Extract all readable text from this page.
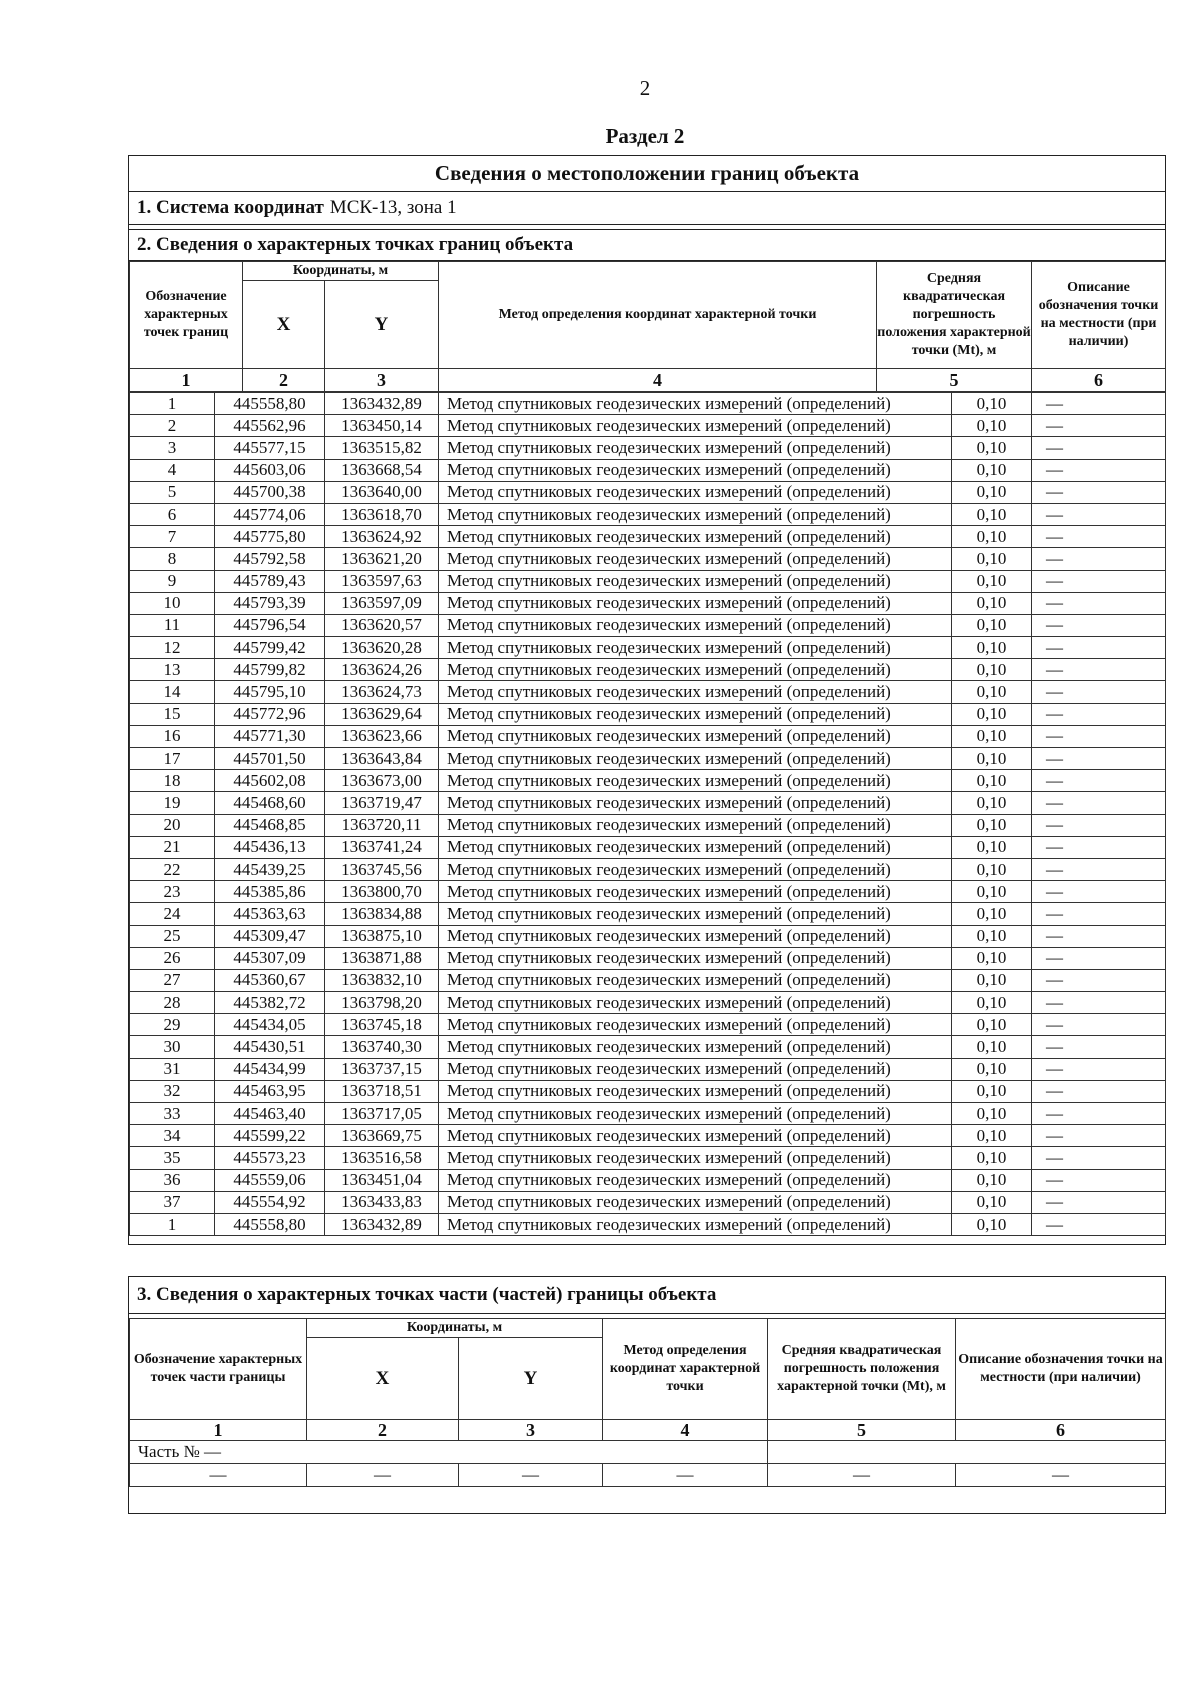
2
Раздел 2
Сведения о местоположении границ объекта
1. Система координат МСК-13, зона 1
2. Сведения о характерных точках границ объекта
Обозначение характерных точек границ	Координаты, м		Метод определения координат характерной точки	Средняя квадратическая погрешность положения характерной точки (Mt), м	Описание обозначения точки на местности (при наличии)
	X	Y			
1	2	3	4	5	6
1	445558,80	1363432,89	Метод спутниковых геодезических измерений (определений)	0,10	—
2	445562,96	1363450,14	Метод спутниковых геодезических измерений (определений)	0,10	—
3	445577,15	1363515,82	Метод спутниковых геодезических измерений (определений)	0,10	—
4	445603,06	1363668,54	Метод спутниковых геодезических измерений (определений)	0,10	—
5	445700,38	1363640,00	Метод спутниковых геодезических измерений (определений)	0,10	—
6	445774,06	1363618,70	Метод спутниковых геодезических измерений (определений)	0,10	—
7	445775,80	1363624,92	Метод спутниковых геодезических измерений (определений)	0,10	—
8	445792,58	1363621,20	Метод спутниковых геодезических измерений (определений)	0,10	—
9	445789,43	1363597,63	Метод спутниковых геодезических измерений (определений)	0,10	—
10	445793,39	1363597,09	Метод спутниковых геодезических измерений (определений)	0,10	—
11	445796,54	1363620,57	Метод спутниковых геодезических измерений (определений)	0,10	—
12	445799,42	1363620,28	Метод спутниковых геодезических измерений (определений)	0,10	—
13	445799,82	1363624,26	Метод спутниковых геодезических измерений (определений)	0,10	—
14	445795,10	1363624,73	Метод спутниковых геодезических измерений (определений)	0,10	—
15	445772,96	1363629,64	Метод спутниковых геодезических измерений (определений)	0,10	—
16	445771,30	1363623,66	Метод спутниковых геодезических измерений (определений)	0,10	—
17	445701,50	1363643,84	Метод спутниковых геодезических измерений (определений)	0,10	—
18	445602,08	1363673,00	Метод спутниковых геодезических измерений (определений)	0,10	—
19	445468,60	1363719,47	Метод спутниковых геодезических измерений (определений)	0,10	—
20	445468,85	1363720,11	Метод спутниковых геодезических измерений (определений)	0,10	—
21	445436,13	1363741,24	Метод спутниковых геодезических измерений (определений)	0,10	—
22	445439,25	1363745,56	Метод спутниковых геодезических измерений (определений)	0,10	—
23	445385,86	1363800,70	Метод спутниковых геодезических измерений (определений)	0,10	—
24	445363,63	1363834,88	Метод спутниковых геодезических измерений (определений)	0,10	—
25	445309,47	1363875,10	Метод спутниковых геодезических измерений (определений)	0,10	—
26	445307,09	1363871,88	Метод спутниковых геодезических измерений (определений)	0,10	—
27	445360,67	1363832,10	Метод спутниковых геодезических измерений (определений)	0,10	—
28	445382,72	1363798,20	Метод спутниковых геодезических измерений (определений)	0,10	—
29	445434,05	1363745,18	Метод спутниковых геодезических измерений (определений)	0,10	—
30	445430,51	1363740,30	Метод спутниковых геодезических измерений (определений)	0,10	—
31	445434,99	1363737,15	Метод спутниковых геодезических измерений (определений)	0,10	—
32	445463,95	1363718,51	Метод спутниковых геодезических измерений (определений)	0,10	—
33	445463,40	1363717,05	Метод спутниковых геодезических измерений (определений)	0,10	—
34	445599,22	1363669,75	Метод спутниковых геодезических измерений (определений)	0,10	—
35	445573,23	1363516,58	Метод спутниковых геодезических измерений (определений)	0,10	—
36	445559,06	1363451,04	Метод спутниковых геодезических измерений (определений)	0,10	—
37	445554,92	1363433,83	Метод спутниковых геодезических измерений (определений)	0,10	—
1	445558,80	1363432,89	Метод спутниковых геодезических измерений (определений)	0,10	—
3. Сведения о характерных точках части (частей) границы объекта
Обозначение характерных точек части границы	Координаты, м		Метод определения координат характерной точки	Средняя квадратическая погрешность положения характерной точки (Mt), м	Описание обозначения точки на местности (при наличии)
	X	Y			
1	2	3	4	5	6
Часть № —					
—	—	—	—	—	—
